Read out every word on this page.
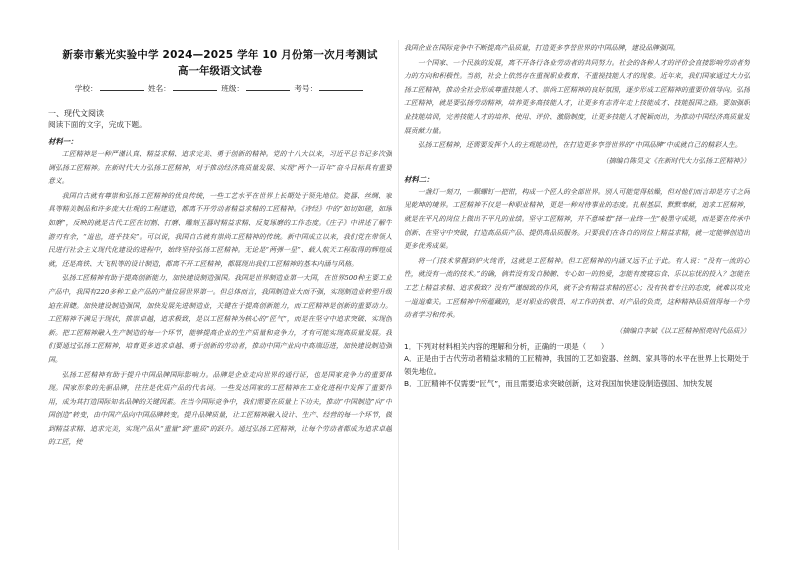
新泰市紫光实验中学 2024—2025 学年 10 月份第一次月考测试
高一年级语文试卷
学校：	姓名：	班级：	考号：
一、现代文阅读
阅读下面的文字，完成下题。
材料一：

工匠精神是一种严谨认真、精益求精、追求完美、勇于创新的精神。党的十八大以来，习近平总书记多次强调弘扬工匠精神。在新时代大力弘扬工匠精神，对于推动经济高质量发展、实现“两个一百年”奋斗目标具有重要意义。

我国自古就有尊崇和弘扬工匠精神的优良传统，一些工艺水平在世界上长期处于领先地位。瓷器、丝绸、家具等精美制品和许多庞大壮观的工程建造，都离不开劳动者精益求精的工匠精神。《诗经》中的“如切如磋，如琢如磨”，反映的就是古代工匠在切割、打磨、雕刻玉器时精益求精、反复琢磨的工作态度。《庄子》中讲述了解牛游刃有余，“道也，进乎技矣”。可以说，我国自古就有崇尚工匠精神的传统。新中国成立以来，我们党在带领人民进行社会主义现代化建设的进程中，始终坚持弘扬工匠精神。无论是“两弹一星”、载人航天工程取得的辉煌成就，还是高铁、大飞机等的设计制造，都离不开工匠精神，都展现出我们工匠精神的基本内涵与风格。

弘扬工匠精神有助于提高创新能力，加快建设制造强国。我国是世界制造业第一大国，在世界500种主要工业产品中，我国有220多种工业产品的产量位居世界第一。但总体而言，我国制造业大而不强，实现制造业转型升级迫在眉睫。加快建设制造强国，加快发展先进制造业，关键在于提高创新能力，而工匠精神是创新的重要动力。工匠精神不满足于现状，推崇卓越，追求极致，是以工匠精神为核心的“匠气”，而是在坚守中追求突破、实现创新。把工匠精神融入生产制造的每一个环节，能够提高企业的生产质量和竞争力，才有可能实现高质量发展。我们要通过弘扬工匠精神，培育更多追求卓越、勇于创新的劳动者，推动中国产业向中高端迈进，加快建设制造强国。

弘扬工匠精神有助于提升中国品牌国际影响力。品牌是企业走向世界的通行证，也是国家竞争力的重要体现。国家形象的先驱品牌，往往是优质产品的代名词。一些发达国家的工匠精神在工业化进程中发挥了重要作用，成为其打造国际知名品牌的关键因素。在当今国际竞争中，我们需要在质量上下功夫，推动“中国制造”向“中国创造”转变，由中国产品向中国品牌转变。提升品牌质量，让工匠精神融入设计、生产、经营的每一个环节，做到精益求精、追求完美，实现产品从“重量”到“重质”的跃升。通过弘扬工匠精神，让每个劳动者都成为追求卓越的工匠，使

我国企业在国际竞争中不断提高产品质量，打造更多享誉世界的中国品牌，建设品牌强国。

一个国家、一个民族的发展，离不开各行各业劳动者的共同努力。社会的各种人才的评价会直接影响劳动者努力的方向和积极性。当前，社会上依然存在重视职业教育、不重视技能人才的现象。近年来，我们国家通过大力弘扬工匠精神，推动全社会形成尊重技能人才、崇尚工匠精神的良好氛围，逐步形成工匠精神的重要价值导向。弘扬工匠精神，就是要弘扬劳动精神，培养更多高技能人才，让更多有志青年走上技能成才、技能报国之路。要加强职业技能培训，完善技能人才的培养、使用、评价、激励制度，让更多技能人才脱颖而出，为推动中国经济高质量发展贡献力量。

弘扬工匠精神，还需要发挥个人的主观能动性，在打造更多享誉世界的“中国品牌”中成就自己的精彩人生。

（摘编自陈昊文《在新时代大力弘扬工匠精神》）
材料二：

一盏灯一刻刀，一颗螺钉一把钳，构成一个匠人的全部世界。别人可能觉得枯燥，但对他们而言却是方寸之间见乾坤的境界。工匠精神不仅是一种职业精神，更是一种对待事业的态度。扎根基层、默默奉献，追求工匠精神，就是在平凡的岗位上做出不平凡的业绩。坚守工匠精神，并不意味着“择一业终一生”般墨守成规，而是要在传承中创新、在坚守中突破，打造高品质产品、提供高品质服务。只要我们在各自的岗位上精益求精，就一定能够创造出更多优秀成果。

将一门技术掌握到炉火纯青，这就是工匠精神。但工匠精神的内涵又远不止于此。有人说：“没有一流的心性，就没有一流的技术。”的确，倘若没有发自肺腑、专心如一的热爱，怎能有废寝忘食、乐以忘忧的投入？怎能在工艺上精益求精、追求极致？没有严谨细致的作风，就不会有精益求精的匠心；没有执着专注的态度，就难以攻克一道道难关。工匠精神中所蕴藏的，是对职业的敬畏、对工作的执着、对产品的负责，这种精神品质值得每一个劳动者学习和传承。

（摘编自李斌《以工匠精神照亮时代品质》）
1．下列对材料相关内容的理解和分析，正确的一项是（　　）
A．正是由于古代劳动者精益求精的工匠精神，我国的工艺如瓷器、丝绸、家具等的水平在世界上长期处于领先地位。
B．工匠精神不仅需要“匠气”，而且需要追求突破创新，这对我国加快建设制造强国、加快发展
